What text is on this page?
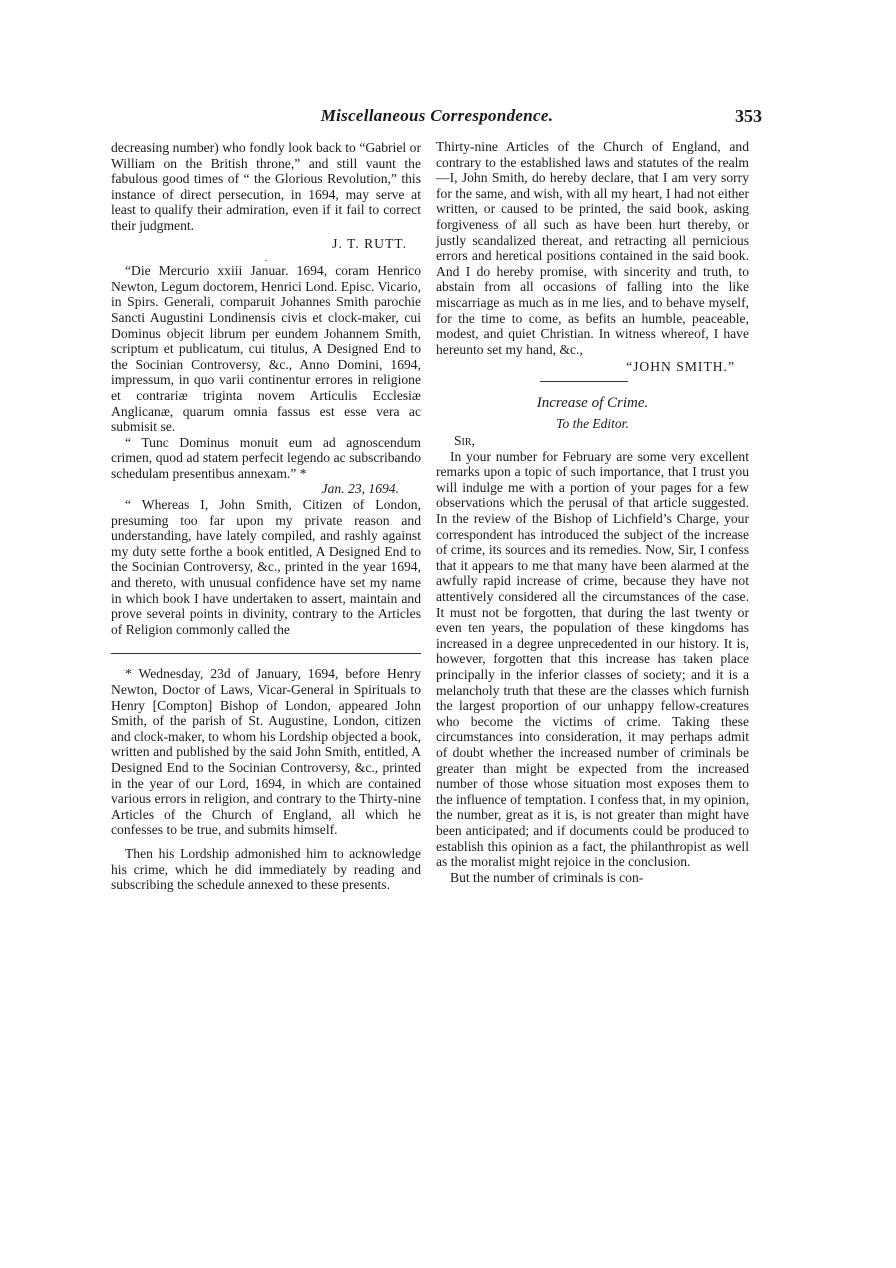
Miscellaneous Correspondence.	353

decreasing number) who fondly look back to “Gabriel or William on the British throne,” and still vaunt the fabulous good times of “ the Glorious Revolution,” this instance of direct persecution, in 1694, may serve at least to qualify their admiration, even if it fail to correct their judgment.

J. T. RUTT.

.

“Die Mercurio xxiii Januar. 1694, coram Henrico Newton, Legum doctorem, Henrici Lond. Episc. Vicario, in Spirs. Generali, comparuit Johannes Smith parochie Sancti Augustini Londinensis civis et clock-maker, cui Dominus objecit librum per eundem Johannem Smith, scriptum et publicatum, cui titulus, A Designed End to the Socinian Controversy, &c., Anno Domini, 1694, impressum, in quo varii continentur errores in religione et contrariæ triginta novem Articulis Ecclesiæ Anglicanæ, quarum omnia fassus est esse vera ac submisit se.

“ Tunc Dominus monuit eum ad agnoscendum crimen, quod ad statem perfecit legendo ac subscribando schedulam presentibus annexam.” *

Jan. 23, 1694.

“ Whereas I, John Smith, Citizen of London, presuming too far upon my private reason and understanding, have lately compiled, and rashly against my duty sette forthe a book entitled, A Designed End to the Socinian Controversy, &c., printed in the year 1694, and thereto, with unusual confidence have set my name in which book I have undertaken to assert, maintain and prove several points in divinity, contrary to the Articles of Religion commonly called the

* Wednesday, 23d of January, 1694, before Henry Newton, Doctor of Laws, Vicar-General in Spirituals to Henry [Compton] Bishop of London, appeared John Smith, of the parish of St. Augustine, London, citizen and clock-maker, to whom his Lordship objected a book, written and published by the said John Smith, entitled, A Designed End to the Socinian Controversy, &c., printed in the year of our Lord, 1694, in which are contained various errors in religion, and contrary to the Thirty-nine Articles of the Church of England, all which he confesses to be true, and submits himself.

Then his Lordship admonished him to acknowledge his crime, which he did immediately by reading and subscribing the schedule annexed to these presents.

Thirty-nine Articles of the Church of England, and contrary to the established laws and statutes of the realm—I, John Smith, do hereby declare, that I am very sorry for the same, and wish, with all my heart, I had not either written, or caused to be printed, the said book, asking forgiveness of all such as have been hurt thereby, or justly scandalized thereat, and retracting all pernicious errors and heretical positions contained in the said book. And I do hereby promise, with sincerity and truth, to abstain from all occasions of falling into the like miscarriage as much as in me lies, and to behave myself, for the time to come, as befits an humble, peaceable, modest, and quiet Christian. In witness whereof, I have hereunto set my hand, &c.,

“JOHN SMITH.”

Increase of Crime.

To the Editor.

Sir,

In your number for February are some very excellent remarks upon a topic of such importance, that I trust you will indulge me with a portion of your pages for a few observations which the perusal of that article suggested. In the review of the Bishop of Lichfield’s Charge, your correspondent has introduced the subject of the increase of crime, its sources and its remedies. Now, Sir, I confess that it appears to me that many have been alarmed at the awfully rapid increase of crime, because they have not attentively considered all the circumstances of the case. It must not be forgotten, that during the last twenty or even ten years, the population of these kingdoms has increased in a degree unprecedented in our history. It is, however, forgotten that this increase has taken place principally in the inferior classes of society; and it is a melancholy truth that these are the classes which furnish the largest proportion of our unhappy fellow-creatures who become the victims of crime. Taking these circumstances into consideration, it may perhaps admit of doubt whether the increased number of criminals be greater than might be expected from the increased number of those whose situation most exposes them to the influence of temptation. I confess that, in my opinion, the number, great as it is, is not greater than might have been anticipated; and if documents could be produced to establish this opinion as a fact, the philanthropist as well as the moralist might rejoice in the conclusion.

But the number of criminals is con-
